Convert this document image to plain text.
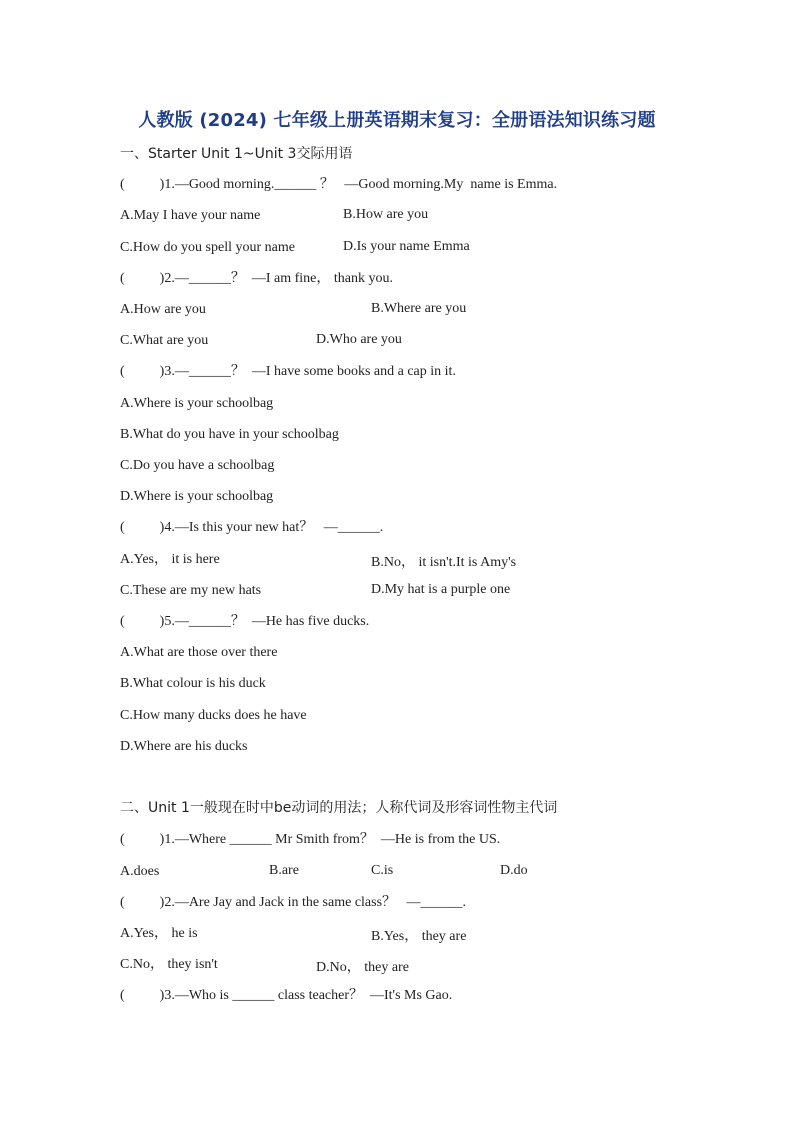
人教版 (2024) 七年级上册英语期末复习：全册语法知识练习题
一、Starter Unit 1~Unit 3交际用语
(          )1.—Good morning.______ ？   —Good morning.My  name is Emma.
A.May I have your name	B.How are you
C.How do you spell your name	D.Is your name Emma
(          )2.—______？  —I am fine， thank you.
A.How are you	B.Where are you
C.What are you	D.Who are you
(          )3.—______？  —I have some books and a cap in it.
A.Where is your schoolbag
B.What do you have in your schoolbag
C.Do you have a schoolbag
D.Where is your schoolbag
(          )4.—Is this your new hat？   —______.
A.Yes， it is here	B.No， it isn't.It is Amy's
C.These are my new hats	D.My hat is a purple one
(          )5.—______？  —He has five ducks.
A.What are those over there
B.What colour is his duck
C.How many ducks does he have
D.Where are his ducks
二、Unit 1一般现在时中be动词的用法；人称代词及形容词性物主代词
(          )1.—Where ______ Mr Smith from？  —He is from the US.
A.does	B.are	C.is	D.do
(          )2.—Are Jay and Jack in the same class？   —______.
A.Yes， he is	B.Yes， they are
C.No， they isn't	D.No， they are
(          )3.—Who is ______ class teacher？  —It's Ms Gao.
